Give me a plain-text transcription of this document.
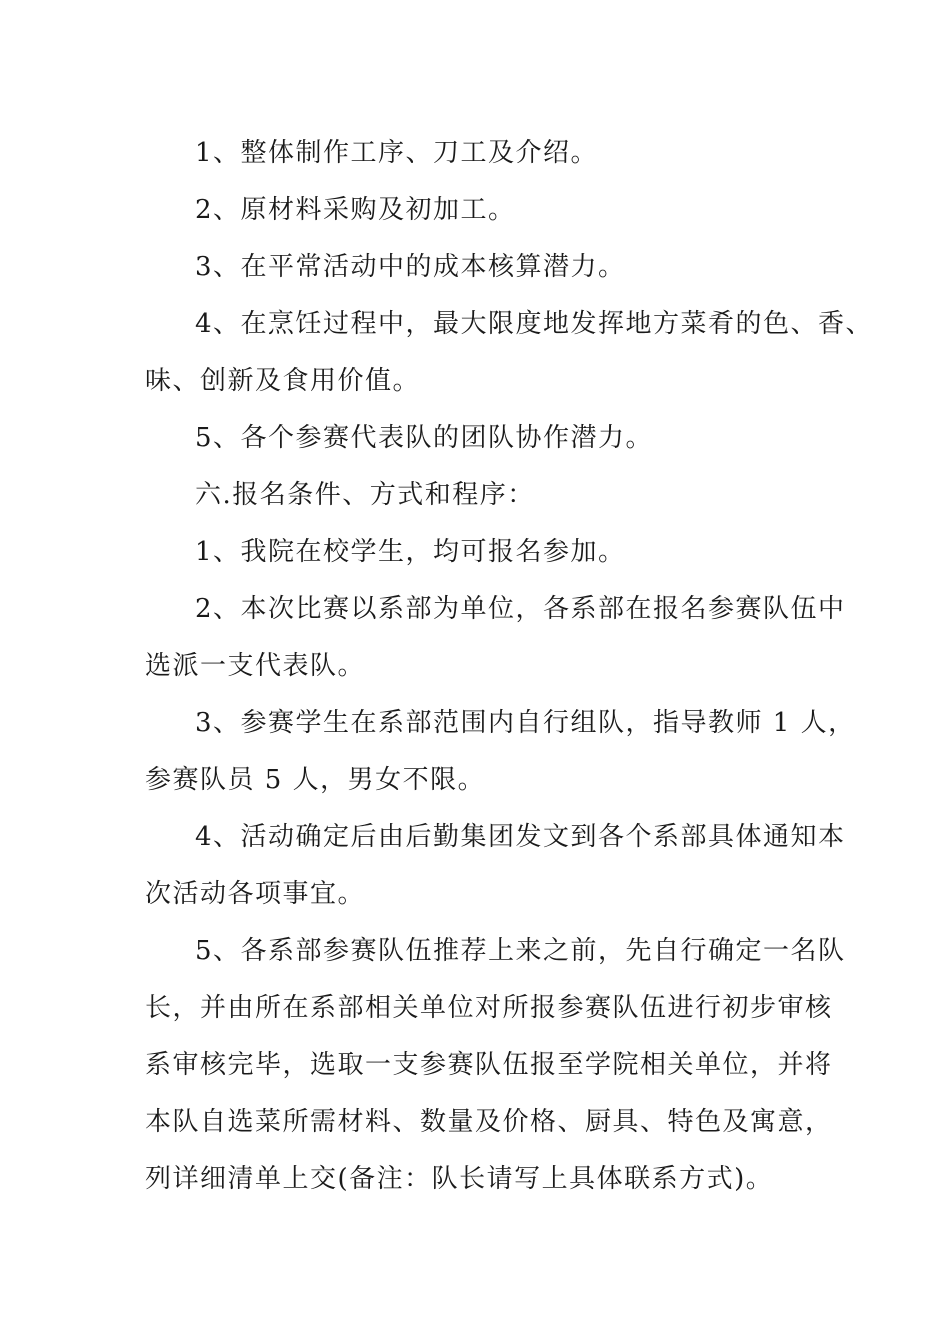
1、整体制作工序、刀工及介绍。
2、原材料采购及初加工。
3、在平常活动中的成本核算潜力。
4、在烹饪过程中，最大限度地发挥地方菜肴的色、香、
味、创新及食用价值。
5、各个参赛代表队的团队协作潜力。
六.报名条件、方式和程序：
1、我院在校学生，均可报名参加。
2、本次比赛以系部为单位，各系部在报名参赛队伍中
选派一支代表队。
3、参赛学生在系部范围内自行组队，指导教师 1 人，
参赛队员 5 人，男女不限。
4、活动确定后由后勤集团发文到各个系部具体通知本
次活动各项事宜。
5、各系部参赛队伍推荐上来之前，先自行确定一名队
长，并由所在系部相关单位对所报参赛队伍进行初步审核
系审核完毕，选取一支参赛队伍报至学院相关单位，并将
本队自选菜所需材料、数量及价格、厨具、特色及寓意，
列详细清单上交(备注：队长请写上具体联系方式)。
